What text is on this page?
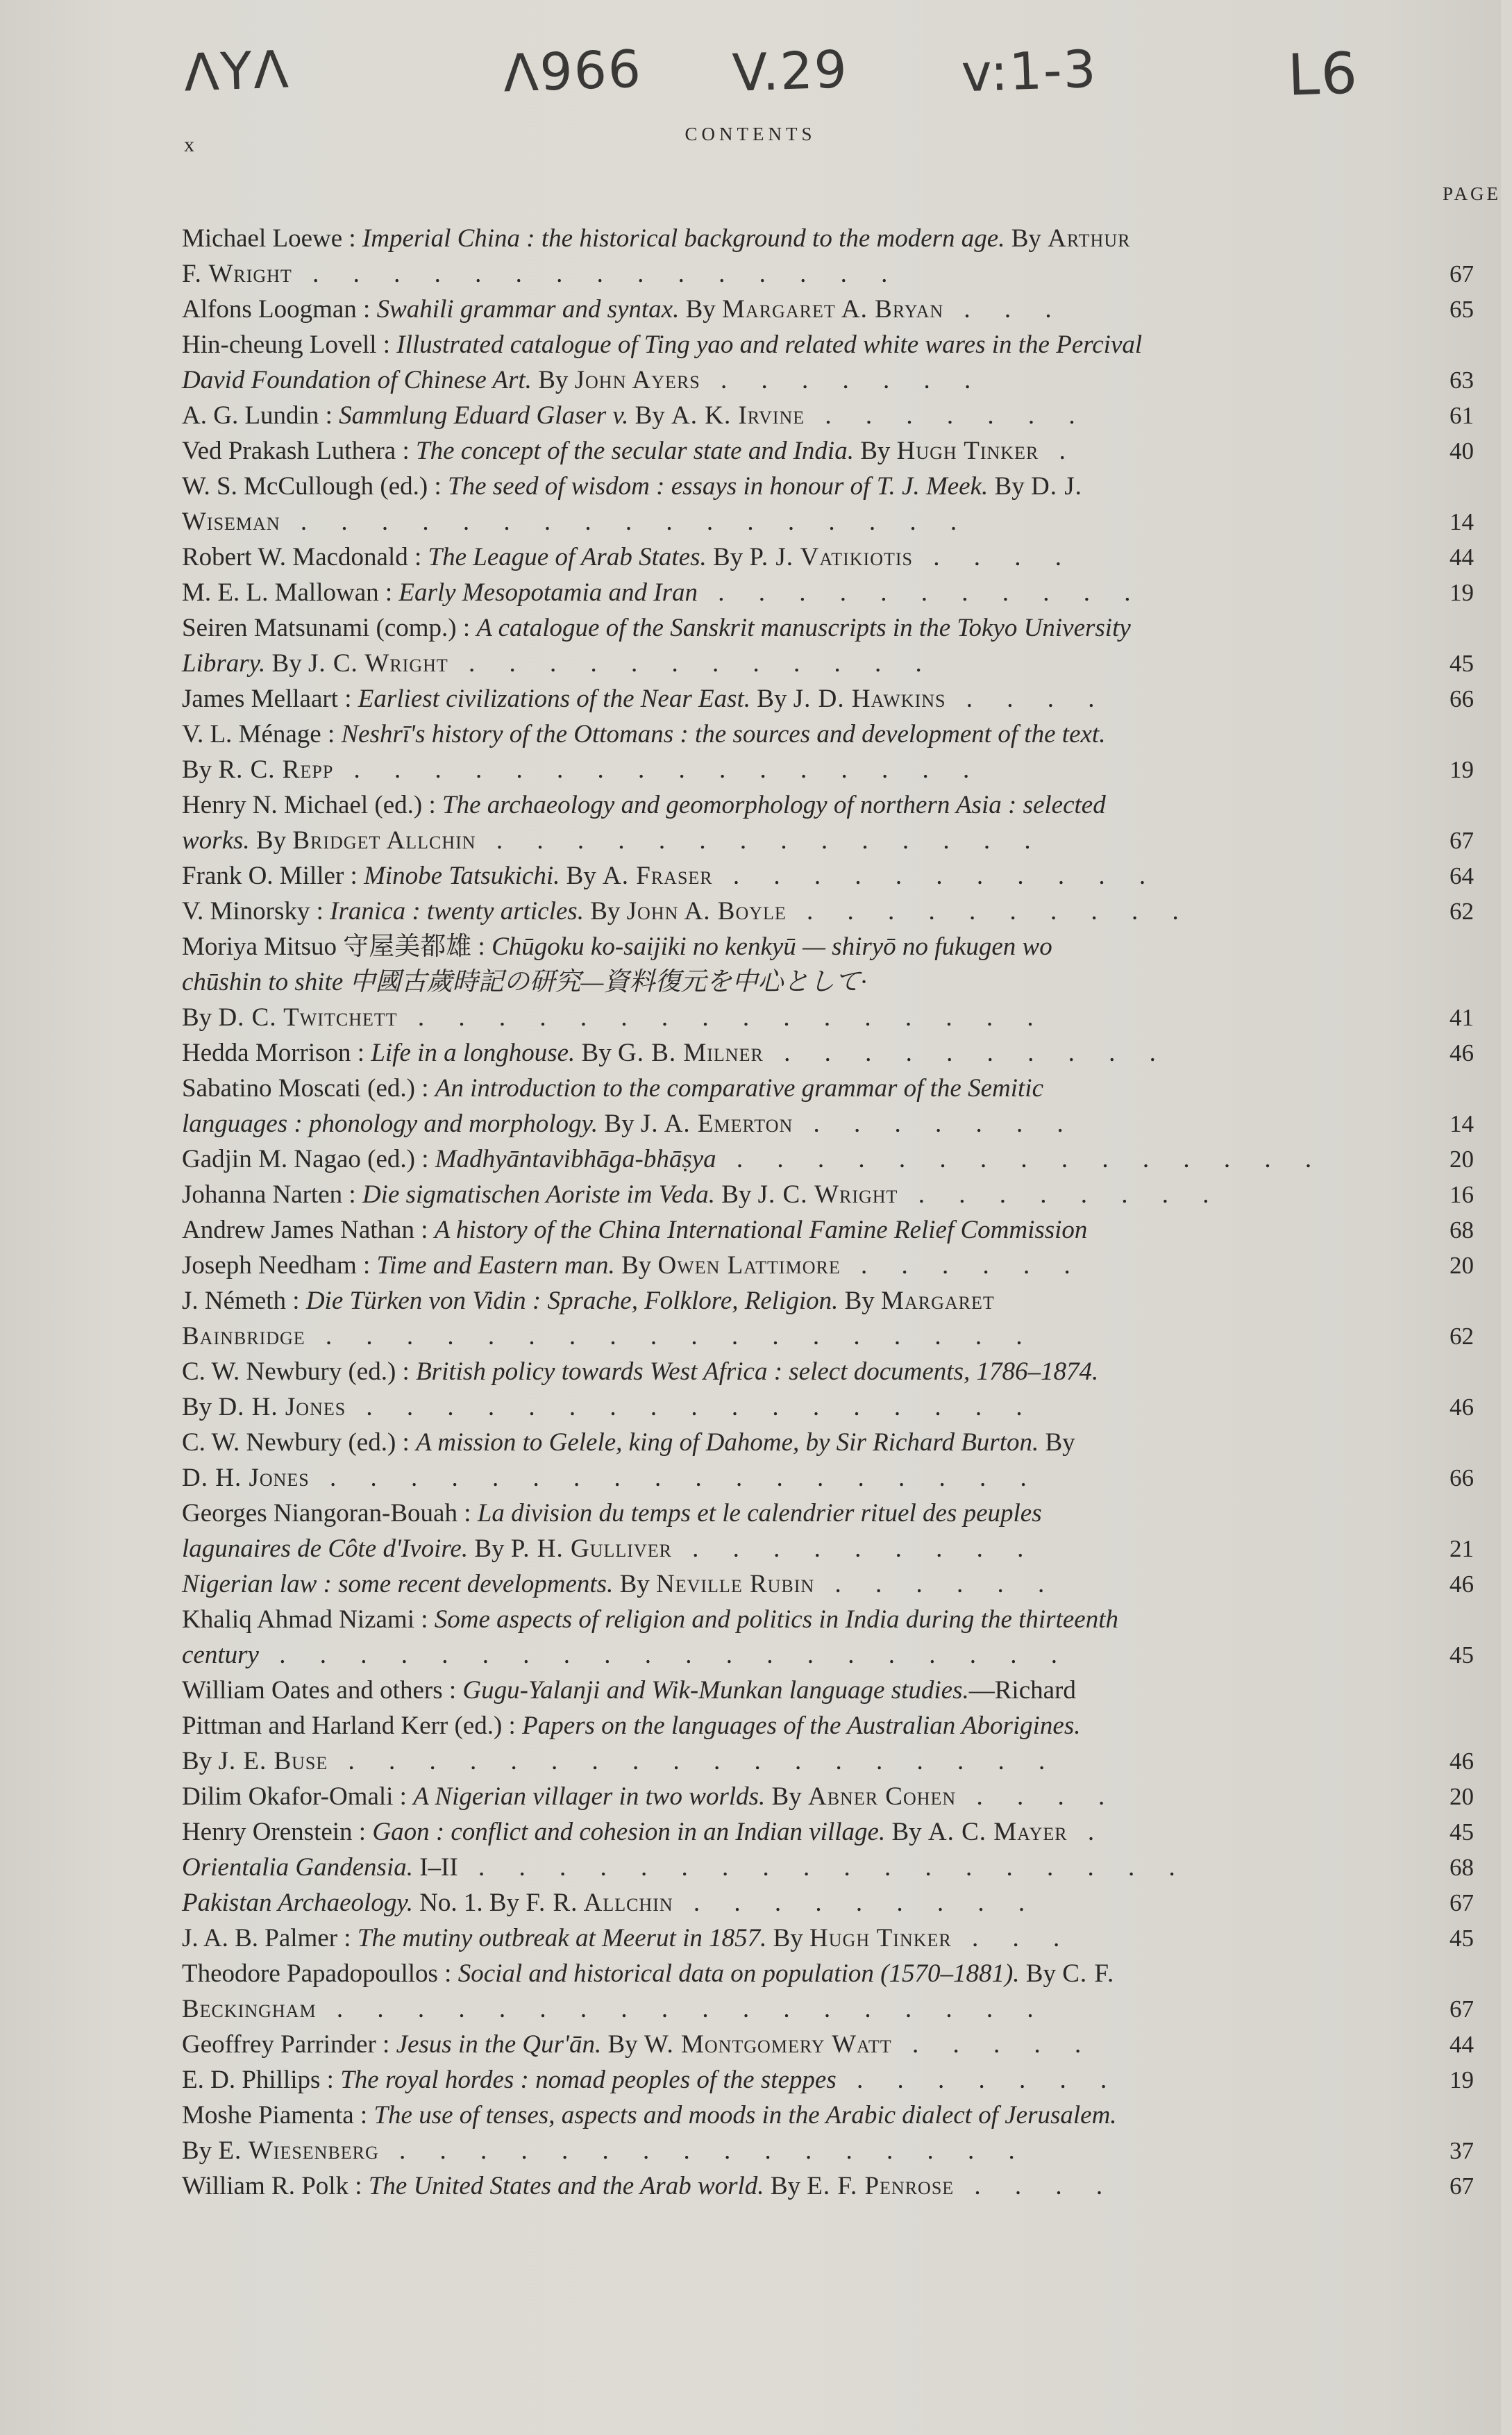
ΛΥΛ	Λ966 V.29 v:1-3	L6
x	CONTENTS
PAGE
Michael Loewe : Imperial China : the historical background to the modern age. By Arthur
F. Wright . . . . . . . . . . . . . . .	67
Alfons Loogman : Swahili grammar and syntax. By Margaret A. Bryan . . .	65
Hin-cheung Lovell : Illustrated catalogue of Ting yao and related white wares in the Percival
David Foundation of Chinese Art. By John Ayers . . . . . . .	63
A. G. Lundin : Sammlung Eduard Glaser v. By A. K. Irvine . . . . . . .	61
Ved Prakash Luthera : The concept of the secular state and India. By Hugh Tinker .	40
W. S. McCullough (ed.) : The seed of wisdom : essays in honour of T. J. Meek. By D. J.
Wiseman . . . . . . . . . . . . . . . . .	14
Robert W. Macdonald : The League of Arab States. By P. J. Vatikiotis . . . .	44
M. E. L. Mallowan : Early Mesopotamia and Iran . . . . . . . . . . .	19
Seiren Matsunami (comp.) : A catalogue of the Sanskrit manuscripts in the Tokyo University
Library. By J. C. Wright . . . . . . . . . . . .	45
James Mellaart : Earliest civilizations of the Near East. By J. D. Hawkins . . . .	66
V. L. Ménage : Neshrī's history of the Ottomans : the sources and development of the text.
By R. C. Repp . . . . . . . . . . . . . . . .	19
Henry N. Michael (ed.) : The archaeology and geomorphology of northern Asia : selected
works. By Bridget Allchin . . . . . . . . . . . . . .	67
Frank O. Miller : Minobe Tatsukichi. By A. Fraser . . . . . . . . . . .	64
V. Minorsky : Iranica : twenty articles. By John A. Boyle . . . . . . . . . .	62
Moriya Mitsuo 守屋美都雄 : Chūgoku ko-saijiki no kenkyū — shiryō no fukugen wo
chūshin to shite 中國古歲時記の研究—資料復元を中心として·
By D. C. Twitchett . . . . . . . . . . . . . . . .	41
Hedda Morrison : Life in a longhouse. By G. B. Milner . . . . . . . . . .	46
Sabatino Moscati (ed.) : An introduction to the comparative grammar of the Semitic
languages : phonology and morphology. By J. A. Emerton . . . . . . .	14
Gadjin M. Nagao (ed.) : Madhyāntavibhāga-bhāṣya . . . . . . . . . . . . . . .	20
Johanna Narten : Die sigmatischen Aoriste im Veda. By J. C. Wright . . . . . . . .	16
Andrew James Nathan : A history of the China International Famine Relief Commission	68
Joseph Needham : Time and Eastern man. By Owen Lattimore . . . . . .	20
J. Németh : Die Türken von Vidin : Sprache, Folklore, Religion. By Margaret
Bainbridge . . . . . . . . . . . . . . . . . .	62
C. W. Newbury (ed.) : British policy towards West Africa : select documents, 1786–1874.
By D. H. Jones . . . . . . . . . . . . . . . . .	46
C. W. Newbury (ed.) : A mission to Gelele, king of Dahome, by Sir Richard Burton. By
D. H. Jones . . . . . . . . . . . . . . . . . .	66
Georges Niangoran-Bouah : La division du temps et le calendrier rituel des peuples
lagunaires de Côte d'Ivoire. By P. H. Gulliver . . . . . . . . .	21
Nigerian law : some recent developments. By Neville Rubin . . . . . .	46
Khaliq Ahmad Nizami : Some aspects of religion and politics in India during the thirteenth
century . . . . . . . . . . . . . . . . . . . .	45
William Oates and others : Gugu-Yalanji and Wik-Munkan language studies.—Richard
Pittman and Harland Kerr (ed.) : Papers on the languages of the Australian Aborigines.
By J. E. Buse . . . . . . . . . . . . . . . . . .	46
Dilim Okafor-Omali : A Nigerian villager in two worlds. By Abner Cohen . . . .	20
Henry Orenstein : Gaon : conflict and cohesion in an Indian village. By A. C. Mayer .	45
Orientalia Gandensia. I–II . . . . . . . . . . . . . . . . . .	68
Pakistan Archaeology. No. 1. By F. R. Allchin . . . . . . . . .	67
J. A. B. Palmer : The mutiny outbreak at Meerut in 1857. By Hugh Tinker . . .	45
Theodore Papadopoullos : Social and historical data on population (1570–1881). By C. F.
Beckingham . . . . . . . . . . . . . . . . . .	67
Geoffrey Parrinder : Jesus in the Qur'ān. By W. Montgomery Watt . . . . .	44
E. D. Phillips : The royal hordes : nomad peoples of the steppes . . . . . . .	19
Moshe Piamenta : The use of tenses, aspects and moods in the Arabic dialect of Jerusalem.
By E. Wiesenberg . . . . . . . . . . . . . . . .	37
William R. Polk : The United States and the Arab world. By E. F. Penrose . . . .	67
